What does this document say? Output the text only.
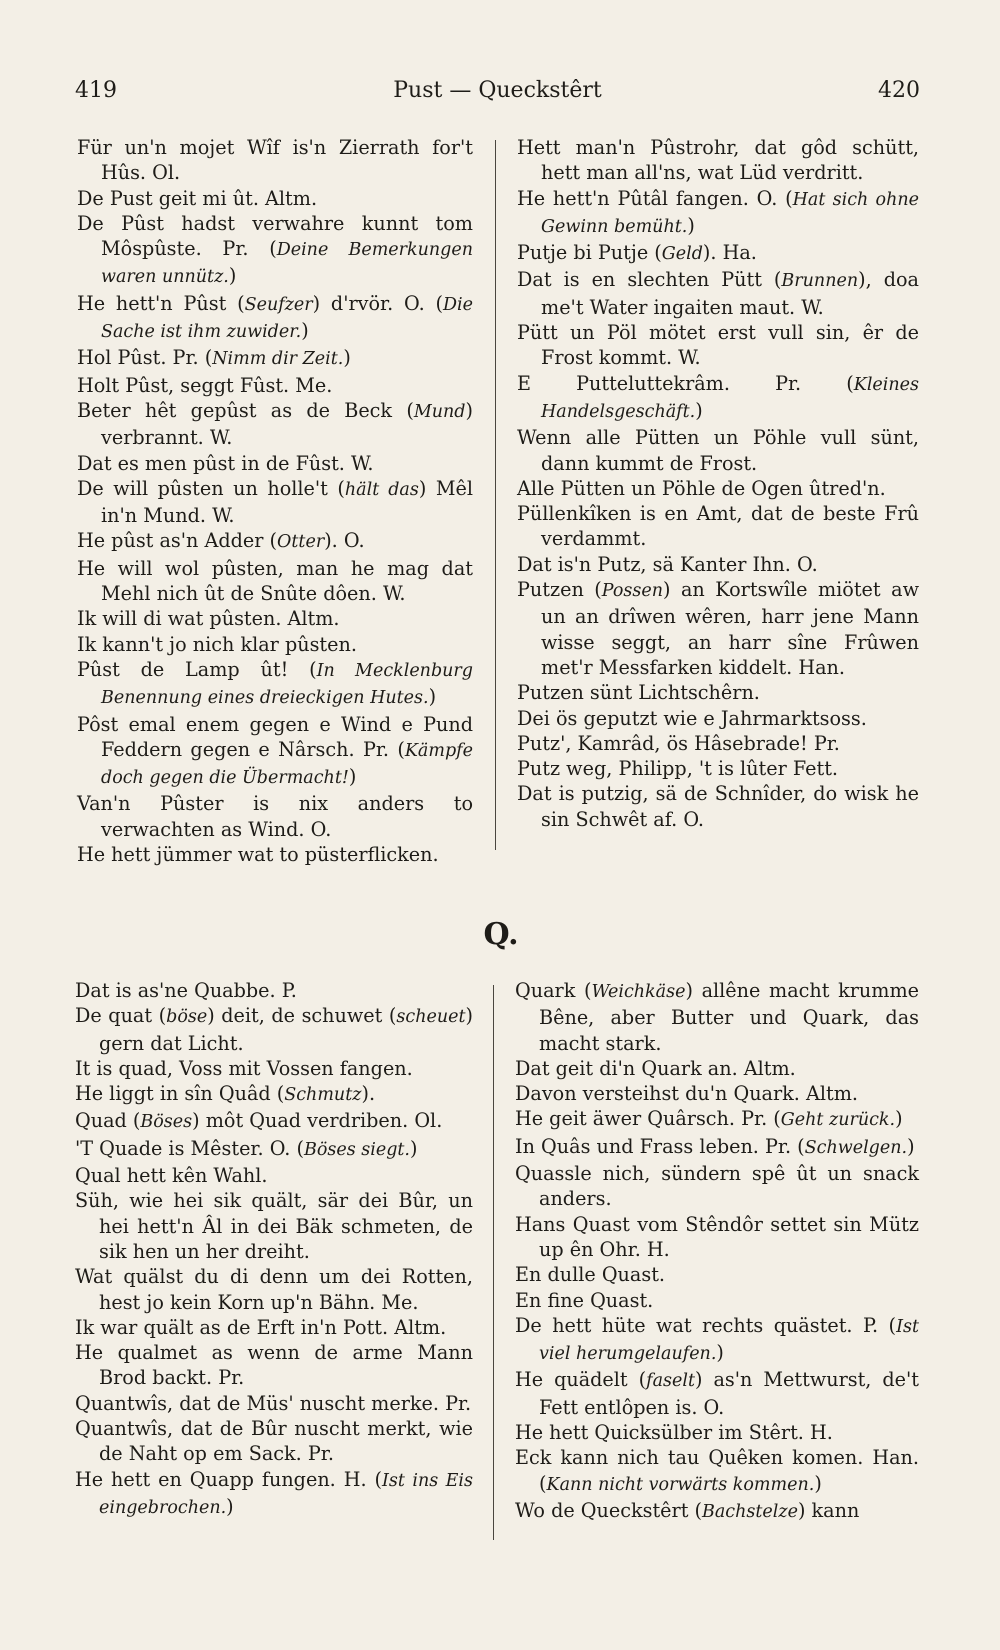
419	Pust — Queckstêrt	420
Für un'n mojet Wîf is'n Zierrath for't Hûs. Ol.
De Pust geit mi ût. Altm.
De Pûst hadst verwahre kunnt tom Môspûste. Pr. (Deine Bemerkungen waren unnütz.)
He hett'n Pûst (Seufzer) d'rvör. O. (Die Sache ist ihm zuwider.)
Hol Pûst. Pr. (Nimm dir Zeit.)
Holt Pûst, seggt Fûst. Me.
Beter hêt gepûst as de Beck (Mund) verbrannt. W.
Dat es men pûst in de Fûst. W.
De will pûsten un holle't (hält das) Mêl in'n Mund. W.
He pûst as'n Adder (Otter). O.
He will wol pûsten, man he mag dat Mehl nich ût de Snûte dôen. W.
Ik will di wat pûsten. Altm.
Ik kann't jo nich klar pûsten.
Pûst de Lamp ût! (In Mecklenburg Benennung eines dreieckigen Hutes.)
Pôst emal enem gegen e Wind e Pund Feddern gegen e Nârsch. Pr. (Kämpfe doch gegen die Übermacht!)
Van'n Pûster is nix anders to verwachten as Wind. O.
He hett jümmer wat to püsterflicken.
Hett man'n Pûstrohr, dat gôd schütt, hett man all'ns, wat Lüd verdritt.
He hett'n Pûtâl fangen. O. (Hat sich ohne Gewinn bemüht.)
Putje bi Putje (Geld). Ha.
Dat is en slechten Pütt (Brunnen), doa me't Water ingaiten maut. W.
Pütt un Pöl mötet erst vull sin, êr de Frost kommt. W.
E Putteluttekrâm. Pr. (Kleines Handelsgeschäft.)
Wenn alle Pütten un Pöhle vull sünt, dann kummt de Frost.
Alle Pütten un Pöhle de Ogen ûtred'n.
Püllenkîken is en Amt, dat de beste Frû verdammt.
Dat is'n Putz, sä Kanter Ihn. O.
Putzen (Possen) an Kortswîle miötet aw un an drîwen wêren, harr jene Mann wisse seggt, an harr sîne Frûwen met'r Messfarken kiddelt. Han.
Putzen sünt Lichtschêrn.
Dei ös geputzt wie e Jahrmarktsoss.
Putz', Kamrâd, ös Hâsebrade! Pr.
Putz weg, Philipp, 't is lûter Fett.
Dat is putzig, sä de Schnîder, do wisk he sin Schwêt af. O.
Q.
Dat is as'ne Quabbe. P.
De quat (böse) deit, de schuwet (scheuet) gern dat Licht.
It is quad, Voss mit Vossen fangen.
He liggt in sîn Quâd (Schmutz).
Quad (Böses) môt Quad verdriben. Ol.
'T Quade is Mêster. O. (Böses siegt.)
Qual hett kên Wahl.
Süh, wie hei sik quält, sär dei Bûr, un hei hett'n Âl in dei Bäk schmeten, de sik hen un her dreiht.
Wat quälst du di denn um dei Rotten, hest jo kein Korn up'n Bähn. Me.
Ik war quält as de Erft in'n Pott. Altm.
He qualmet as wenn de arme Mann Brod backt. Pr.
Quantwîs, dat de Müs' nuscht merke. Pr.
Quantwîs, dat de Bûr nuscht merkt, wie de Naht op em Sack. Pr.
He hett en Quapp fungen. H. (Ist ins Eis eingebrochen.)
Quark (Weichkäse) allêne macht krumme Bêne, aber Butter und Quark, das macht stark.
Dat geit di'n Quark an. Altm.
Davon versteihst du'n Quark. Altm.
He geit äwer Quârsch. Pr. (Geht zurück.)
In Quâs und Frass leben. Pr. (Schwelgen.)
Quassle nich, sündern spê ût un snack anders.
Hans Quast vom Stêndôr settet sin Mütz up ên Ohr. H.
En dulle Quast.
En fine Quast.
De hett hüte wat rechts quästet. P. (Ist viel herumgelaufen.)
He quädelt (faselt) as'n Mettwurst, de't Fett entlôpen is. O.
He hett Quicksülber im Stêrt. H.
Eck kann nich tau Quêken komen. Han. (Kann nicht vorwärts kommen.)
Wo de Queckstêrt (Bachstelze) kann
